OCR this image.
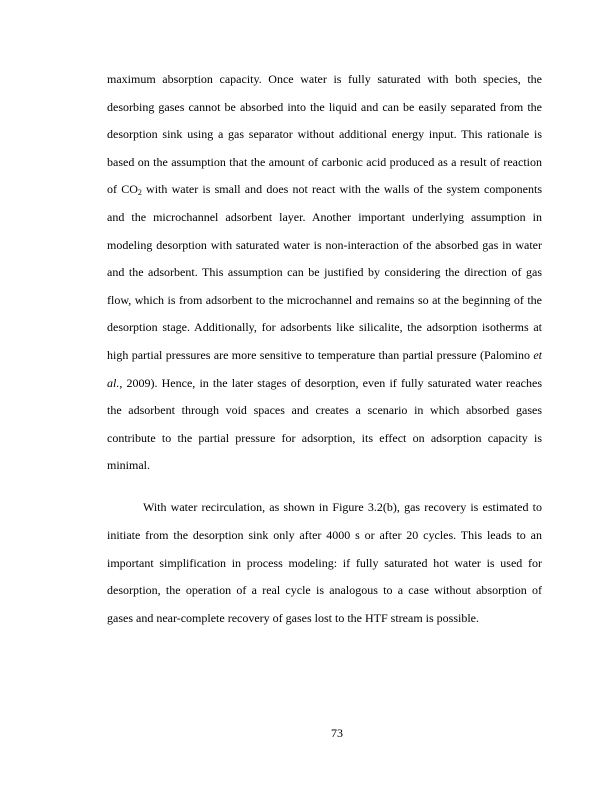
maximum absorption capacity. Once water is fully saturated with both species, the
desorbing gases cannot be absorbed into the liquid and can be easily separated from the
desorption sink using a gas separator without additional energy input. This rationale is
based on the assumption that the amount of carbonic acid produced as a result of reaction
of CO2 with water is small and does not react with the walls of the system components
and the microchannel adsorbent layer. Another important underlying assumption in
modeling desorption with saturated water is non-interaction of the absorbed gas in water
and the adsorbent. This assumption can be justified by considering the direction of gas
flow, which is from adsorbent to the microchannel and remains so at the beginning of the
desorption stage. Additionally, for adsorbents like silicalite, the adsorption isotherms at
high partial pressures are more sensitive to temperature than partial pressure (Palomino et
al., 2009). Hence, in the later stages of desorption, even if fully saturated water reaches
the adsorbent through void spaces and creates a scenario in which absorbed gases
contribute to the partial pressure for adsorption, its effect on adsorption capacity is
minimal.
With water recirculation, as shown in Figure 3.2(b), gas recovery is estimated to
initiate from the desorption sink only after 4000 s or after 20 cycles. This leads to an
important simplification in process modeling: if fully saturated hot water is used for
desorption, the operation of a real cycle is analogous to a case without absorption of
gases and near-complete recovery of gases lost to the HTF stream is possible.
73
